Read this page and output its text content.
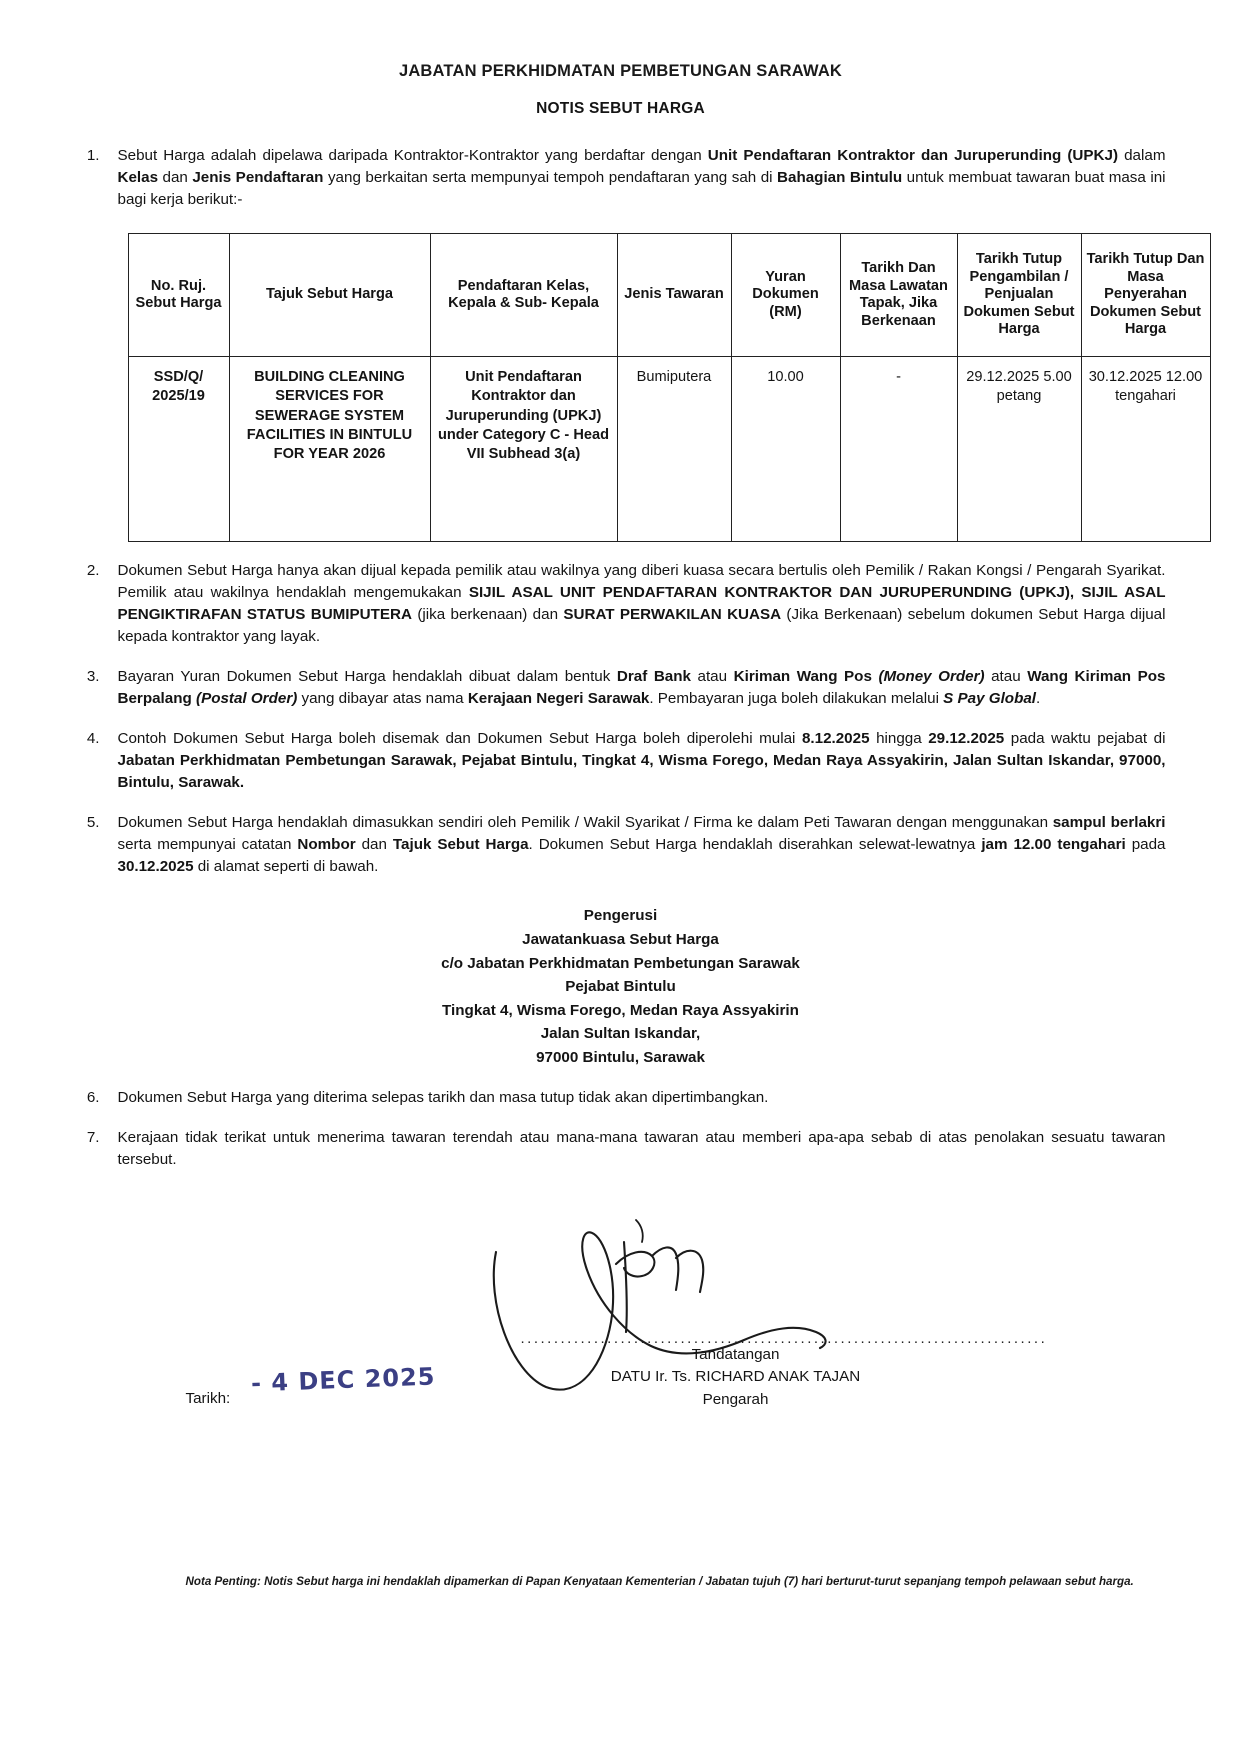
JABATAN PERKHIDMATAN PEMBETUNGAN SARAWAK
NOTIS SEBUT HARGA
1.	Sebut Harga adalah dipelawa daripada Kontraktor-Kontraktor yang berdaftar dengan Unit Pendaftaran Kontraktor dan Juruperunding (UPKJ) dalam Kelas dan Jenis Pendaftaran yang berkaitan serta mempunyai tempoh pendaftaran yang sah di Bahagian Bintulu untuk membuat tawaran buat masa ini bagi kerja berikut:-
No. Ruj. Sebut Harga	Tajuk Sebut Harga	Pendaftaran Kelas, Kepala & Sub- Kepala	Jenis Tawaran	Yuran Dokumen (RM)	Tarikh Dan Masa Lawatan Tapak, Jika Berkenaan	Tarikh Tutup Pengambilan / Penjualan Dokumen Sebut Harga	Tarikh Tutup Dan Masa Penyerahan Dokumen Sebut Harga
SSD/Q/ 2025/19	BUILDING CLEANING SERVICES FOR SEWERAGE SYSTEM FACILITIES IN BINTULU FOR YEAR 2026	Unit Pendaftaran Kontraktor dan Juruperunding (UPKJ) under Category C - Head VII Subhead 3(a)	Bumiputera	10.00	-	29.12.2025 5.00 petang	30.12.2025 12.00 tengahari
2.	Dokumen Sebut Harga hanya akan dijual kepada pemilik atau wakilnya yang diberi kuasa secara bertulis oleh Pemilik / Rakan Kongsi / Pengarah Syarikat. Pemilik atau wakilnya hendaklah mengemukakan SIJIL ASAL UNIT PENDAFTARAN KONTRAKTOR DAN JURUPERUNDING (UPKJ), SIJIL ASAL PENGIKTIRAFAN STATUS BUMIPUTERA (jika berkenaan) dan SURAT PERWAKILAN KUASA (Jika Berkenaan) sebelum dokumen Sebut Harga dijual kepada kontraktor yang layak.
3.	Bayaran Yuran Dokumen Sebut Harga hendaklah dibuat dalam bentuk Draf Bank atau Kiriman Wang Pos (Money Order) atau Wang Kiriman Pos Berpalang (Postal Order) yang dibayar atas nama Kerajaan Negeri Sarawak. Pembayaran juga boleh dilakukan melalui S Pay Global.
4.	Contoh Dokumen Sebut Harga boleh disemak dan Dokumen Sebut Harga boleh diperolehi mulai 8.12.2025 hingga 29.12.2025 pada waktu pejabat di Jabatan Perkhidmatan Pembetungan Sarawak, Pejabat Bintulu, Tingkat 4, Wisma Forego, Medan Raya Assyakirin, Jalan Sultan Iskandar, 97000, Bintulu, Sarawak.
5.	Dokumen Sebut Harga hendaklah dimasukkan sendiri oleh Pemilik / Wakil Syarikat / Firma ke dalam Peti Tawaran dengan menggunakan sampul berlakri serta mempunyai catatan Nombor dan Tajuk Sebut Harga. Dokumen Sebut Harga hendaklah diserahkan selewat-lewatnya jam 12.00 tengahari pada 30.12.2025 di alamat seperti di bawah.
Pengerusi
Jawatankuasa Sebut Harga
c/o Jabatan Perkhidmatan Pembetungan Sarawak
Pejabat Bintulu
Tingkat 4, Wisma Forego, Medan Raya Assyakirin
Jalan Sultan Iskandar,
97000 Bintulu, Sarawak
6.	Dokumen Sebut Harga yang diterima selepas tarikh dan masa tutup tidak akan dipertimbangkan.
7.	Kerajaan tidak terikat untuk menerima tawaran terendah atau mana-mana tawaran atau memberi apa-apa sebab di atas penolakan sesuatu tawaran tersebut.
...............................................................................
Tandatangan
DATU Ir. Ts. RICHARD ANAK TAJAN
Pengarah
Tarikh:
- 4 DEC 2025
Nota Penting: Notis Sebut harga ini hendaklah dipamerkan di Papan Kenyataan Kementerian / Jabatan tujuh (7) hari berturut-turut sepanjang tempoh pelawaan sebut harga.
